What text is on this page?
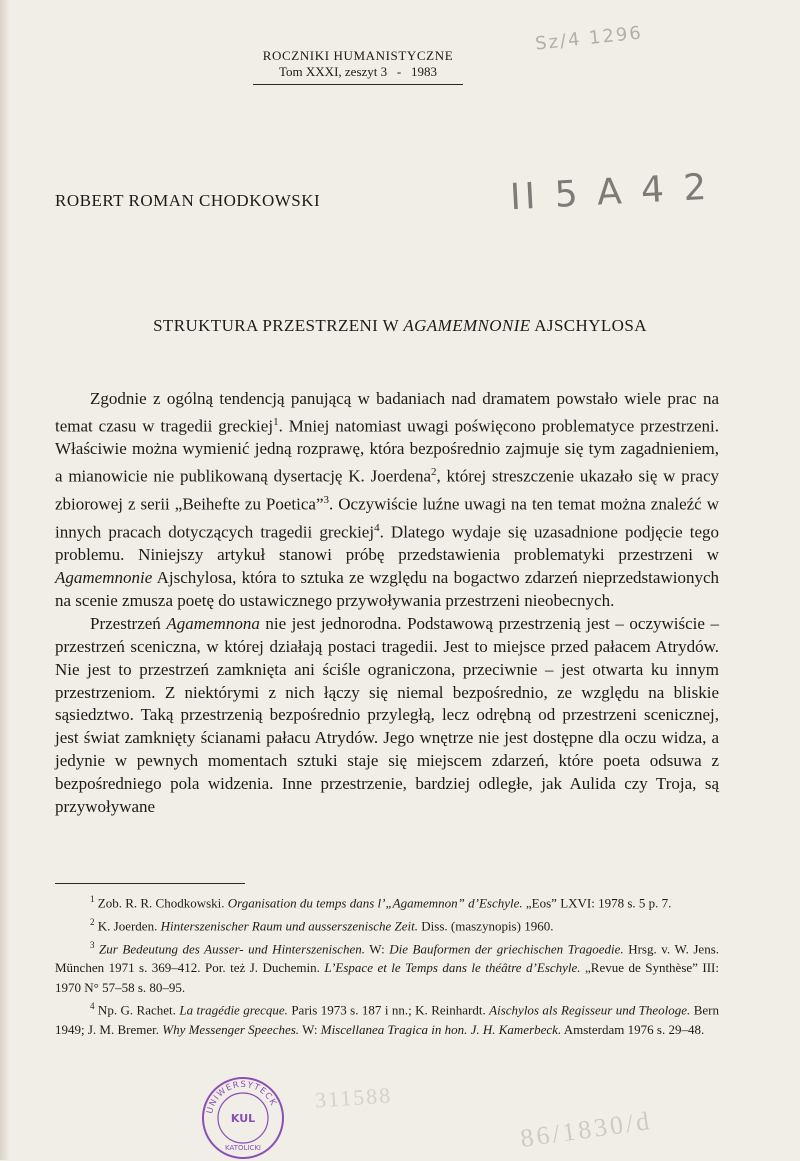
ROCZNIKI HUMANISTYCZNE
Tom XXXI, zeszyt 3   -   1983
Sz/4 1296
II 5 A 4 2
ROBERT ROMAN CHODKOWSKI
STRUKTURA PRZESTRZENI W AGAMEMNONIE AJSCHYLOSA

Zgodnie z ogólną tendencją panującą w badaniach nad dramatem powstało wiele prac na temat czasu w tragedii greckiej$^1$. Mniej natomiast uwagi poświęcono problematyce przestrzeni. Właściwie można wymienić jedną rozprawę, która bezpośrednio zajmuje się tym zagadnieniem, a mianowicie nie publikowaną dysertację K. Joerdena$^2$, której streszczenie ukazało się w pracy zbiorowej z serii „Beihefte zu Poetica”$^3$. Oczywiście luźne uwagi na ten temat można znaleźć w innych pracach dotyczących tragedii greckiej$^4$. Dlatego wydaje się uzasadnione podjęcie tego problemu. Niniejszy artykuł stanowi próbę przedstawienia problematyki przestrzeni w Agamemnonie Ajschylosa, która to sztuka ze względu na bogactwo zdarzeń nieprzedstawionych na scenie zmusza poetę do ustawicznego przywoływania przestrzeni nieobecnych.

Przestrzeń Agamemnona nie jest jednorodna. Podstawową przestrzenią jest – oczywiście – przestrzeń sceniczna, w której działają postaci tragedii. Jest to miejsce przed pałacem Atrydów. Nie jest to przestrzeń zamknięta ani ściśle ograniczona, przeciwnie – jest otwarta ku innym przestrzeniom. Z niektórymi z nich łączy się niemal bezpośrednio, ze względu na bliskie sąsiedztwo. Taką przestrzenią bezpośrednio przyległą, lecz odrębną od przestrzeni scenicznej, jest świat zamknięty ścianami pałacu Atrydów. Jego wnętrze nie jest dostępne dla oczu widza, a jedynie w pewnych momentach sztuki staje się miejscem zdarzeń, które poeta odsuwa z bezpośredniego pola widzenia. Inne przestrzenie, bardziej odległe, jak Aulida czy Troja, są przywoływane

$^1$ Zob. R. R. Chodkowski. Organisation du temps dans l’„Agamemnon” d’Eschyle. „Eos” LXVI: 1978 s. 5 p. 7.

$^2$ K. Joerden. Hinterszenischer Raum und ausserszenische Zeit. Diss. (maszynopis) 1960.

$^3$ Zur Bedeutung des Ausser- und Hinterszenischen. W: Die Bauformen der griechischen Tragoedie. Hrsg. v. W. Jens. München 1971 s. 369–412. Por. też J. Duchemin. L’Espace et le Temps dans le théâtre d’Eschyle. „Revue de Synthèse” III: 1970 N° 57–58 s. 80–95.

$^4$ Np. G. Rachet. La tragédie grecque. Paris 1973 s. 187 i nn.; K. Reinhardt. Aischylos als Regisseur und Theologe. Bern 1949; J. M. Bremer. Why Messenger Speeches. W: Miscellanea Tragica in hon. J. H. Kamerbeck. Amsterdam 1976 s. 29–48.

UNIWERSYTECK
KUL
KATOLICKI
311588
86/1830/d
